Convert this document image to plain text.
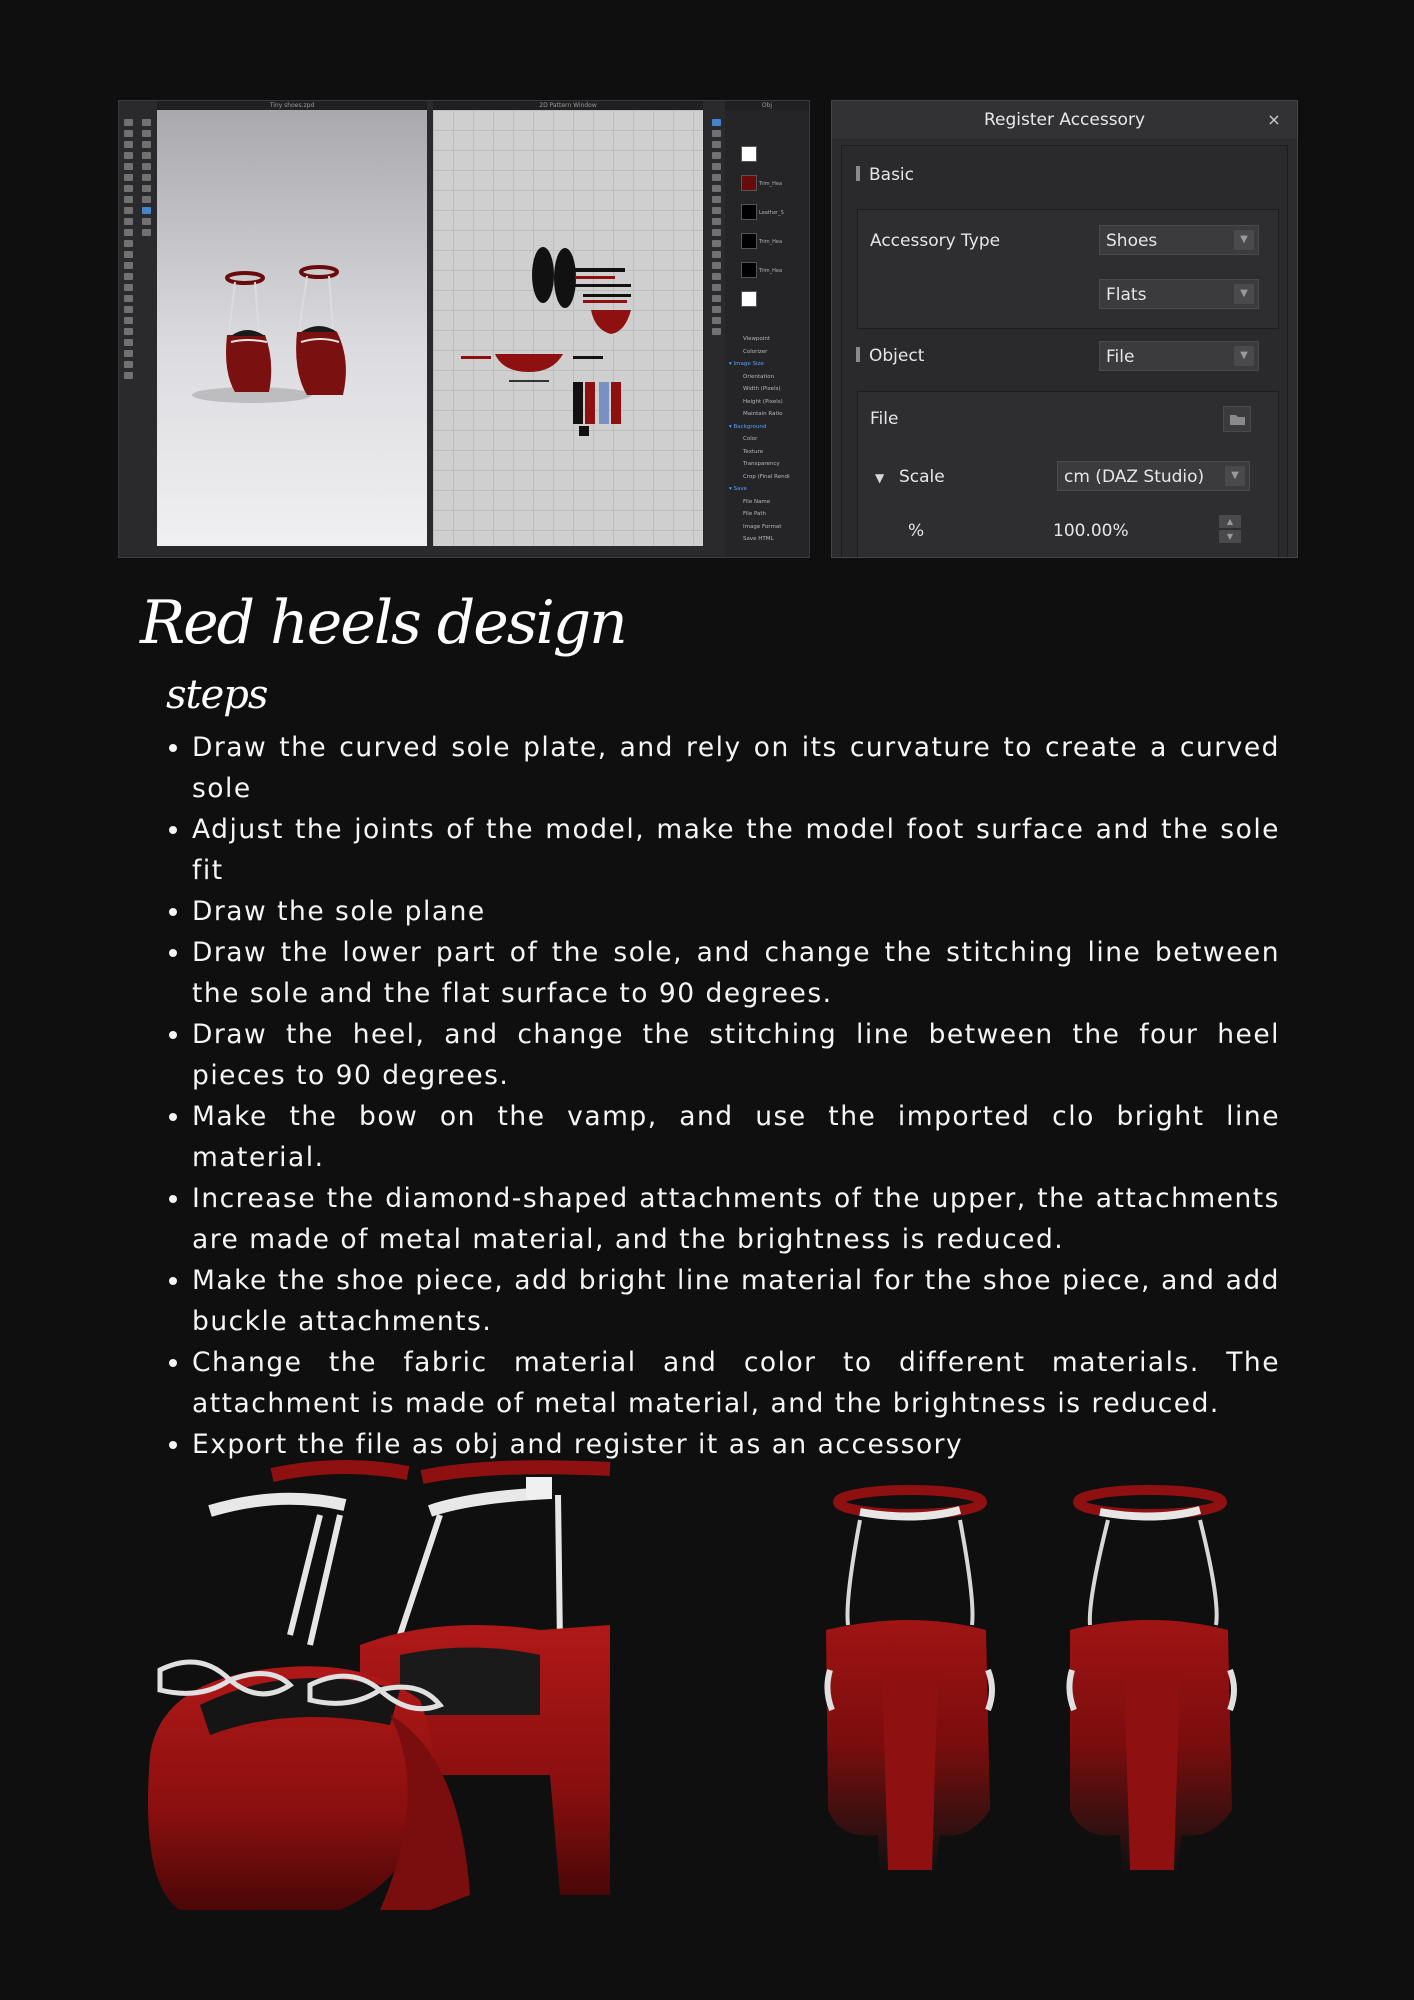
Tiny shoes.zpd	2D Pattern Window	Obj
Trim_Hea
Leather_S
Trim_Hea
Trim_Hea
Viewpoint
Colorizer
▾ Image Size
Orientation
Width (Pixels)
Height (Pixels)
Maintain Ratio
▾ Background
Color
Texture
Transparency
Crop (Final Rendi
▾ Save
File Name
File Path
Image Format
Save HTML
Register Accessory	×
Basic
Accessory Type	Shoes	▼
Flats	▼
Object	File	▼
File
▼ Scale	cm (DAZ Studio)	▼
%	100.00%	▲
▼
Red heels design
steps
• Draw the curved sole plate, and rely on its curvature to create a curved sole
• Adjust the joints of the model, make the model foot surface and the sole fit
• Draw the sole plane
• Draw the lower part of the sole, and change the stitching line between the sole and the flat surface to 90 degrees.
• Draw the heel, and change the stitching line between the four heel pieces to 90 degrees.
• Make the bow on the vamp, and use the imported clo bright line material.
• Increase the diamond-shaped attachments of the upper, the attachments are made of metal material, and the brightness is reduced.
• Make the shoe piece, add bright line material for the shoe piece, and add buckle attachments.
• Change the fabric material and color to different materials. The attachment is made of metal material, and the brightness is reduced.
• Export the file as obj and register it as an accessory
